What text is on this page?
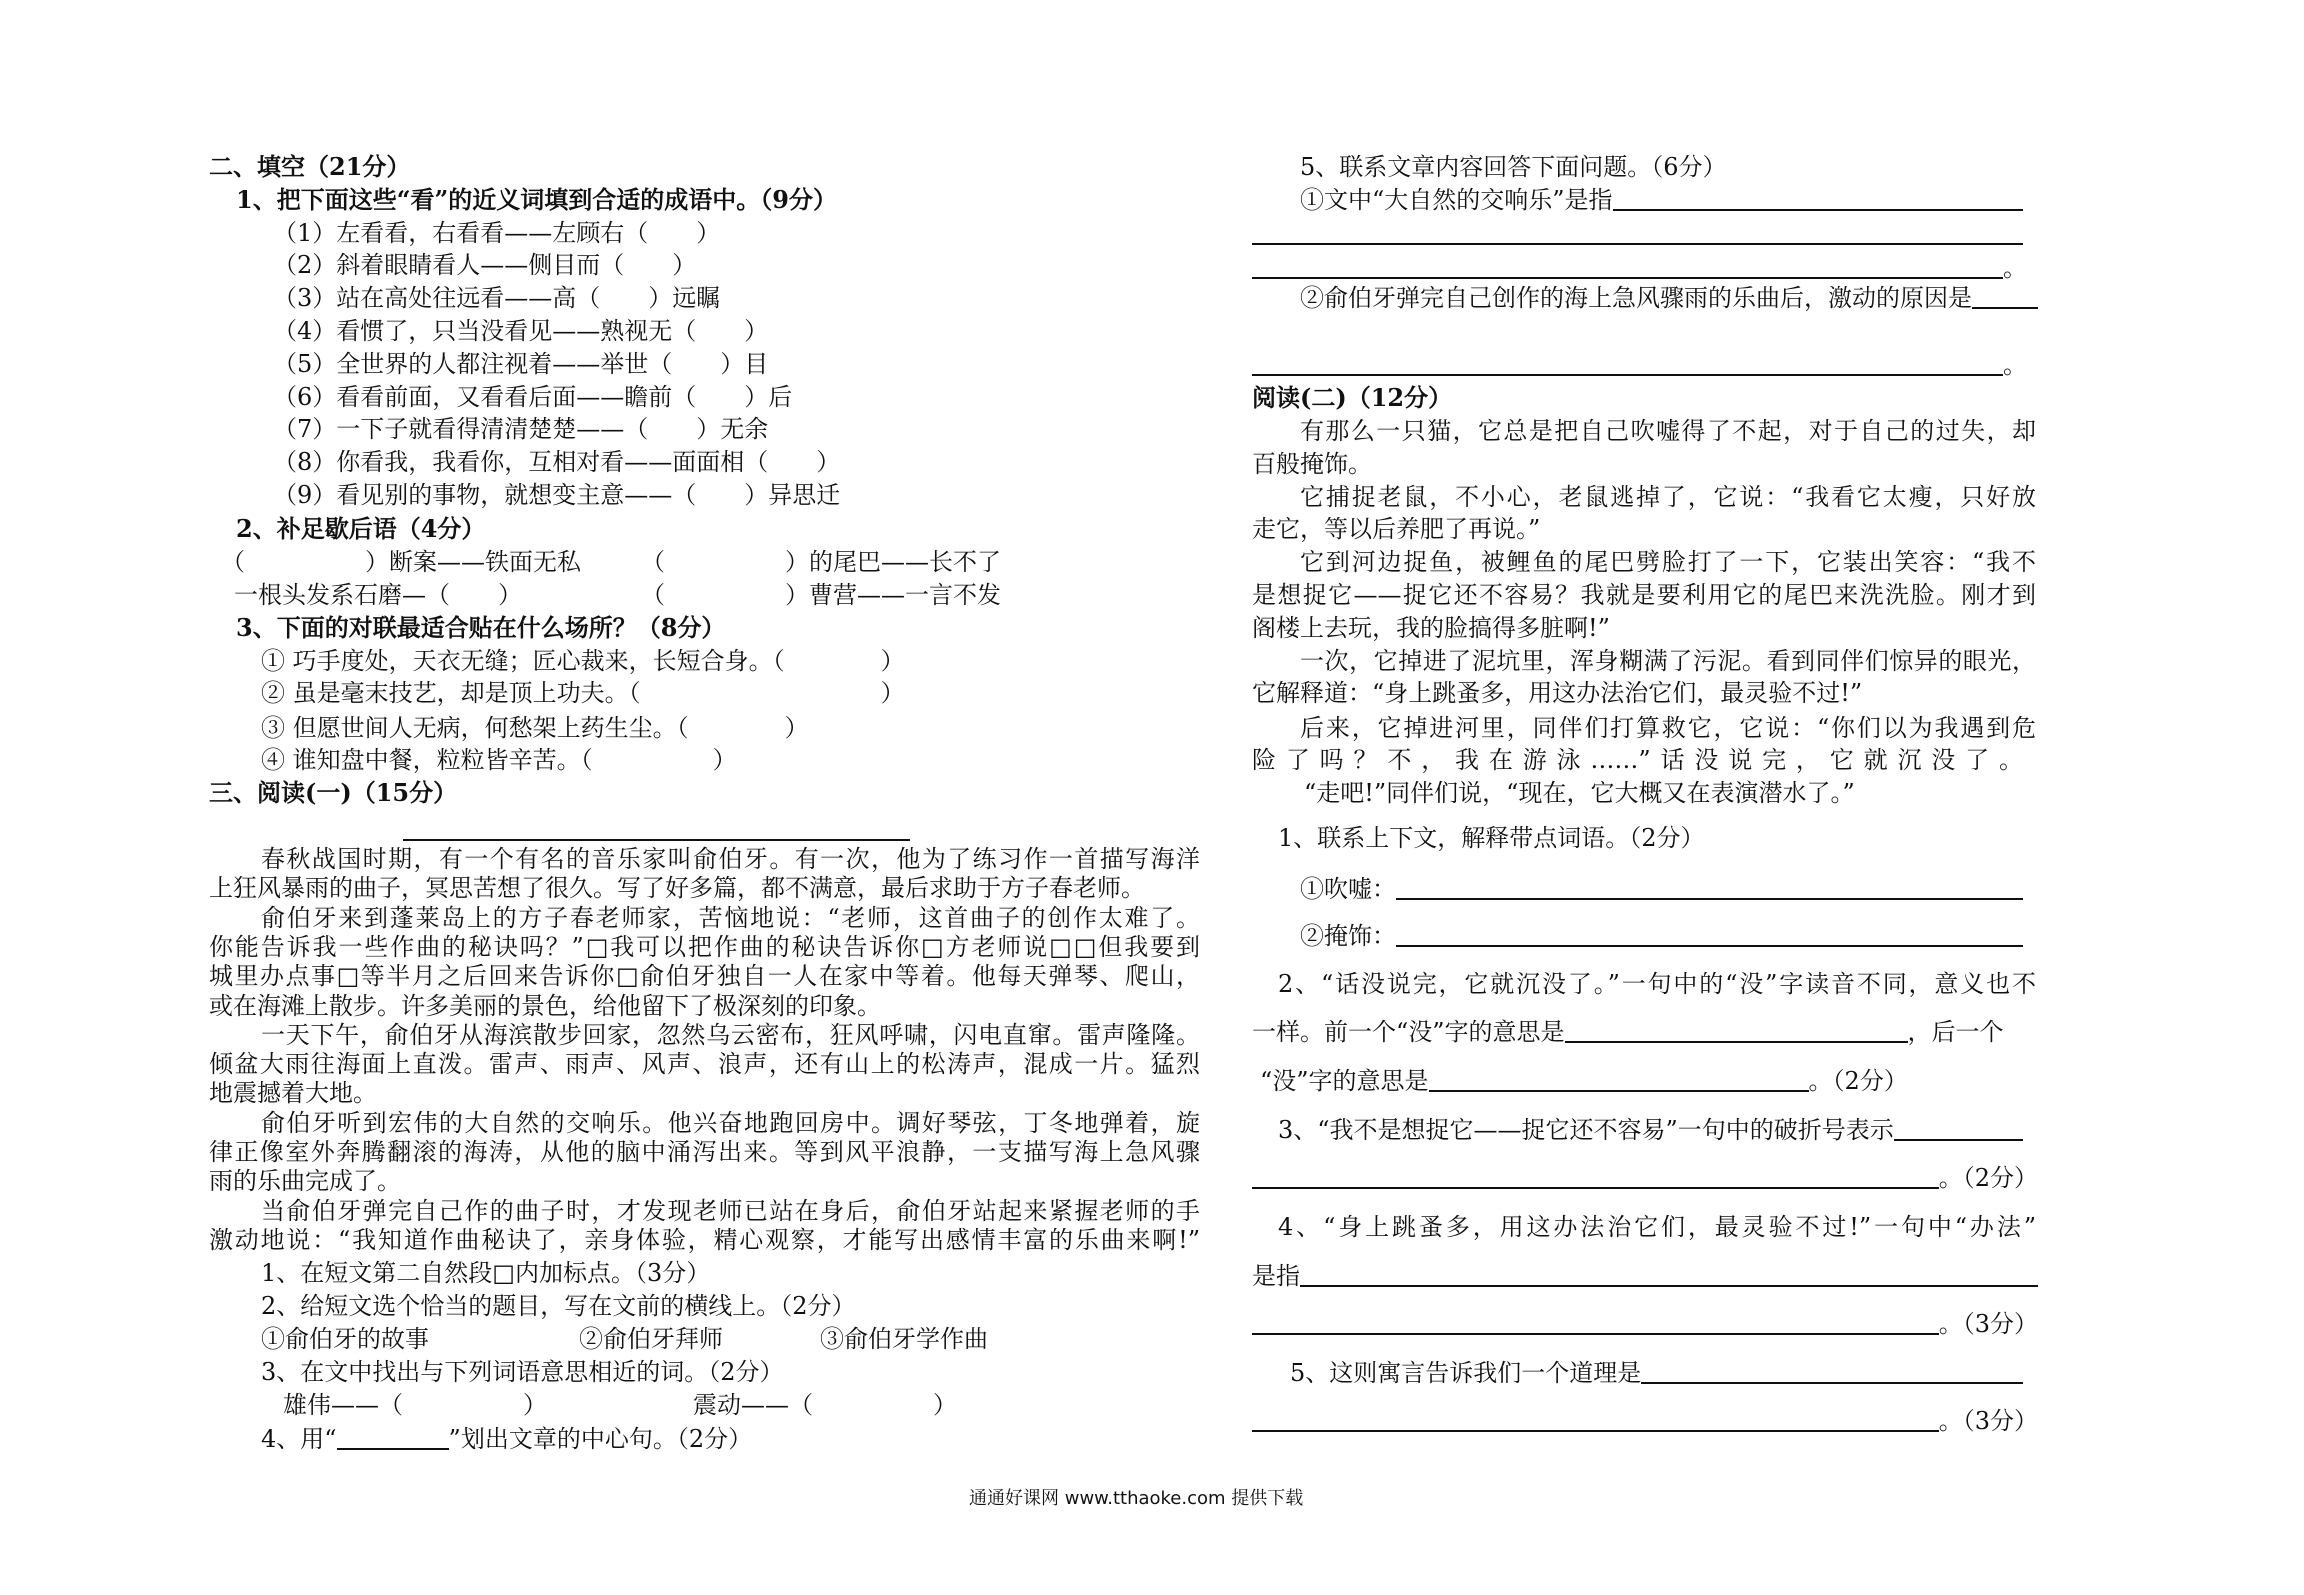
二、填空（21分）
1、把下面这些“看”的近义词填到合适的成语中。（9分）
（1）左看看，右看看——左顾右（　　）
（2）斜着眼睛看人——侧目而（　　）
（3）站在高处往远看——高（　　）远瞩
（4）看惯了，只当没看见——熟视无（　　）
（5）全世界的人都注视着——举世（　　）目
（6）看看前面，又看看后面——瞻前（　　）后
（7）一下子就看得清清楚楚——（　　）无余
（8）你看我，我看你，互相对看——面面相（　　）
（9）看见别的事物，就想变主意——（　　）异思迁
2、补足歇后语（4分）
（　　　　　）断案——铁面无私	（　　　　　）的尾巴——长不了
一根头发系石磨—（　　）	（　　　　　）曹营——一言不发
3、下面的对联最适合贴在什么场所？（8分）
① 巧手度处，天衣无缝；匠心裁来，长短合身。（　　　　）
② 虽是毫末技艺，却是顶上功夫。（　　　　　　　　　　）
③ 但愿世间人无病，何愁架上药生尘。（　　　　）
④ 谁知盘中餐，粒粒皆辛苦。（　　　　　）
三、阅读(一)（15分）
春秋战国时期，有一个有名的音乐家叫俞伯牙。有一次，他为了练习作一首描写海洋
上狂风暴雨的曲子，冥思苦想了很久。写了好多篇，都不满意，最后求助于方子春老师。
俞伯牙来到蓬莱岛上的方子春老师家，苦恼地说：“老师，这首曲子的创作太难了。
你能告诉我一些作曲的秘诀吗？”□我可以把作曲的秘诀告诉你□方老师说□□但我要到
城里办点事□等半月之后回来告诉你□俞伯牙独自一人在家中等着。他每天弹琴、爬山，
或在海滩上散步。许多美丽的景色，给他留下了极深刻的印象。
一天下午，俞伯牙从海滨散步回家，忽然乌云密布，狂风呼啸，闪电直窜。雷声隆隆。
倾盆大雨往海面上直泼。雷声、雨声、风声、浪声，还有山上的松涛声，混成一片。猛烈
地震撼着大地。
俞伯牙听到宏伟的大自然的交响乐。他兴奋地跑回房中。调好琴弦，丁冬地弹着，旋
律正像室外奔腾翻滚的海涛，从他的脑中涌泻出来。等到风平浪静，一支描写海上急风骤
雨的乐曲完成了。
当俞伯牙弹完自己作的曲子时，才发现老师已站在身后，俞伯牙站起来紧握老师的手
激动地说：“我知道作曲秘诀了，亲身体验，精心观察，才能写出感情丰富的乐曲来啊!”
1、在短文第二自然段□内加标点。（3分）
2、给短文选个恰当的题目，写在文前的横线上。（2分）
①俞伯牙的故事	②俞伯牙拜师	③俞伯牙学作曲
3、在文中找出与下列词语意思相近的词。（2分）
雄伟——（　　　　　）	震动——（　　　　　）
4、用“	”划出文章的中心句。（2分）
5、联系文章内容回答下面问题。（6分）
①文中“大自然的交响乐”是指
。
②俞伯牙弹完自己创作的海上急风骤雨的乐曲后，激动的原因是
。
阅读(二)（12分）
有那么一只猫，它总是把自己吹嘘得了不起，对于自己的过失，却
百般掩饰。
它捕捉老鼠，不小心，老鼠逃掉了，它说：“我看它太瘦，只好放
走它，等以后养肥了再说。”
它到河边捉鱼，被鲤鱼的尾巴劈脸打了一下，它装出笑容：“我不
是想捉它——捉它还不容易？我就是要利用它的尾巴来洗洗脸。刚才到
阁楼上去玩，我的脸搞得多脏啊!”
一次，它掉进了泥坑里，浑身糊满了污泥。看到同伴们惊异的眼光，
它解释道：“身上跳蚤多，用这办法治它们，最灵验不过!”
后来，它掉进河里，同伴们打算救它，它说：“你们以为我遇到危
险了吗？不，我在游泳……”话没说完，它就沉没了。
“走吧!”同伴们说，“现在，它大概又在表演潜水了。”
1、联系上下文，解释带点词语。（2分）
①吹嘘：
②掩饰：
2、“话没说完，它就沉没了。”一句中的“没”字读音不同，意义也不
一样。前一个“没”字的意思是	，后一个
“没”字的意思是	。（2分）
3、“我不是想捉它——捉它还不容易”一句中的破折号表示
。（2分）
4、“身上跳蚤多，用这办法治它们，最灵验不过!”一句中“办法”
是指
。（3分）
5、这则寓言告诉我们一个道理是
。（3分）
通通好课网 www.tthaoke.com 提供下载
